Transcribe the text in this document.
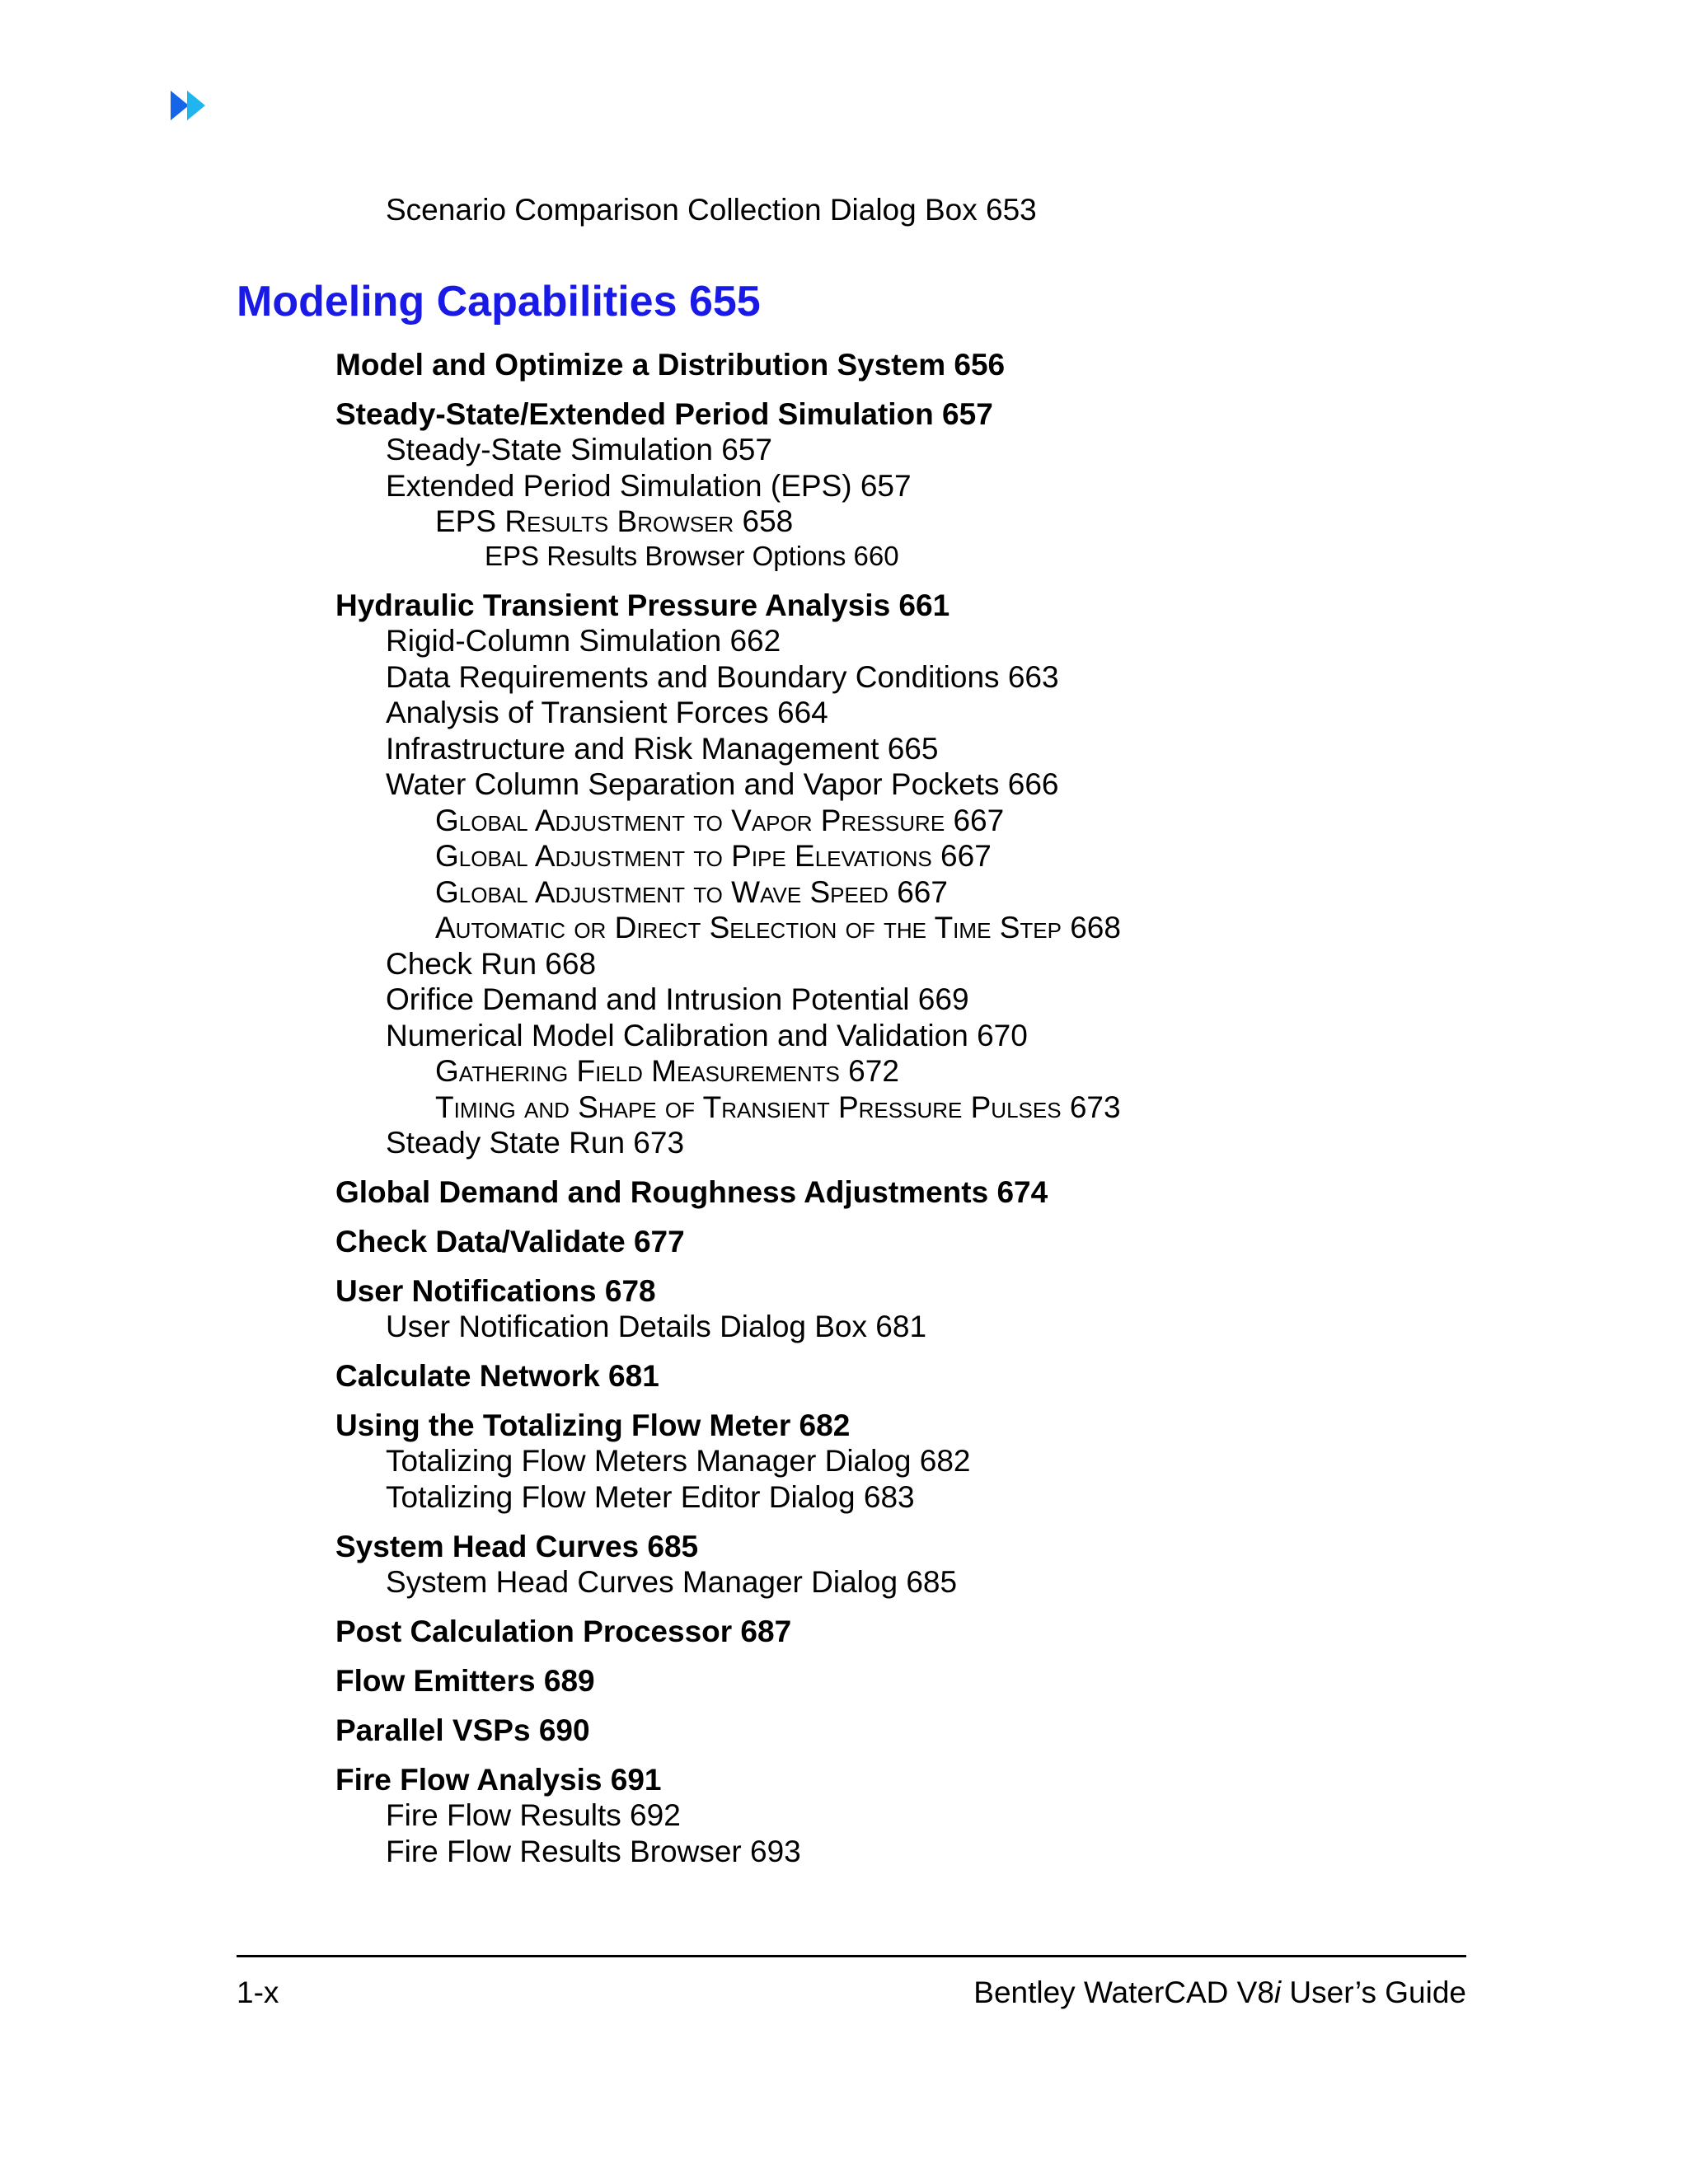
Scenario Comparison Collection Dialog Box 653
Modeling Capabilities 655
Model and Optimize a Distribution System 656
Steady-State/Extended Period Simulation 657
Steady-State Simulation 657
Extended Period Simulation (EPS) 657
EPS Results Browser 658
EPS Results Browser Options 660
Hydraulic Transient Pressure Analysis 661
Rigid-Column Simulation 662
Data Requirements and Boundary Conditions 663
Analysis of Transient Forces 664
Infrastructure and Risk Management 665
Water Column Separation and Vapor Pockets 666
Global Adjustment to Vapor Pressure 667
Global Adjustment to Pipe Elevations 667
Global Adjustment to Wave Speed 667
Automatic or Direct Selection of the Time Step 668
Check Run 668
Orifice Demand and Intrusion Potential 669
Numerical Model Calibration and Validation 670
Gathering Field Measurements 672
Timing and Shape of Transient Pressure Pulses 673
Steady State Run 673
Global Demand and Roughness Adjustments 674
Check Data/Validate 677
User Notifications 678
User Notification Details Dialog Box 681
Calculate Network 681
Using the Totalizing Flow Meter 682
Totalizing Flow Meters Manager Dialog 682
Totalizing Flow Meter Editor Dialog 683
System Head Curves 685
System Head Curves Manager Dialog 685
Post Calculation Processor 687
Flow Emitters 689
Parallel VSPs 690
Fire Flow Analysis 691
Fire Flow Results 692
Fire Flow Results Browser 693
1-x	Bentley WaterCAD V8i User’s Guide
